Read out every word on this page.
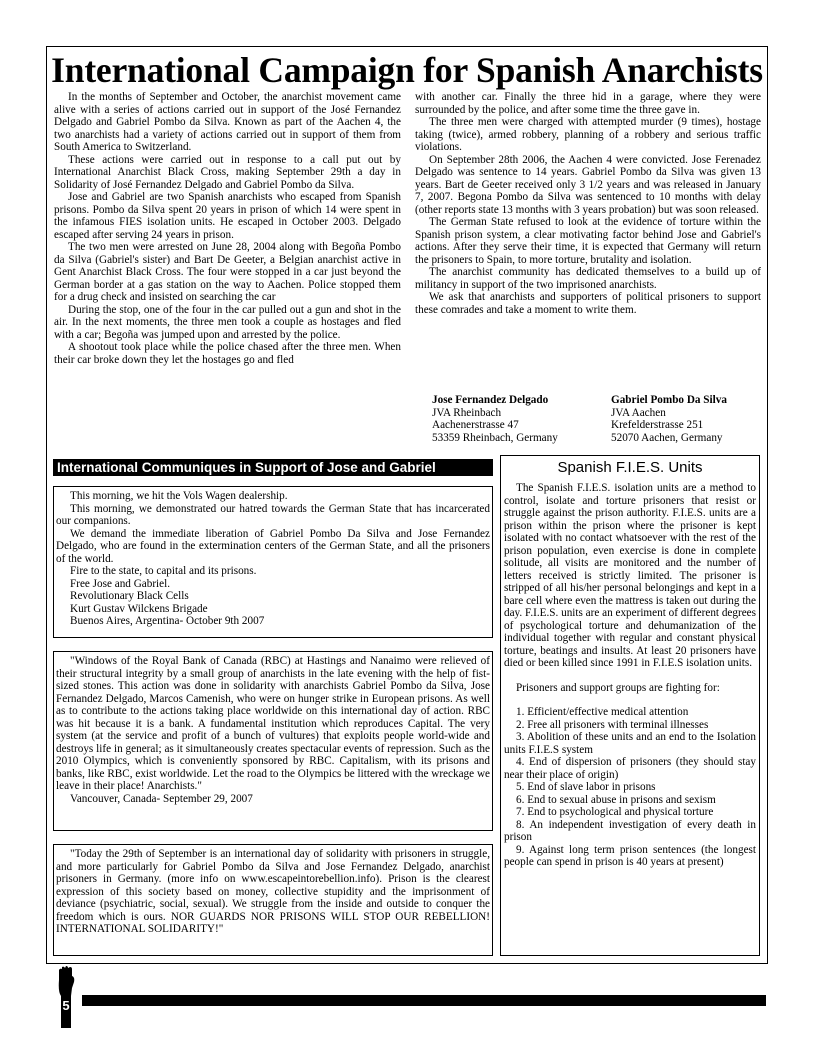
International Campaign for Spanish Anarchists

In the months of September and October, the anarchist movement came alive with a series of actions carried out in support of the José Fernandez Delgado and Gabriel Pombo da Silva. Known as part of the Aachen 4, the two anarchists had a variety of actions carried out in support of them from South America to Switzerland.

These actions were carried out in response to a call put out by International Anarchist Black Cross, making September 29th a day in Solidarity of José Fernandez Delgado and Gabriel Pombo da Silva.

Jose and Gabriel are two Spanish anarchists who escaped from Spanish prisons. Pombo da Silva spent 20 years in prison of which 14 were spent in the infamous FIES isolation units. He escaped in October 2003. Delgado escaped after serving 24 years in prison.

The two men were arrested on June 28, 2004 along with Begoña Pombo da Silva (Gabriel's sister) and Bart De Geeter, a Belgian anarchist active in Gent Anarchist Black Cross. The four were stopped in a car just beyond the German border at a gas station on the way to Aachen. Police stopped them for a drug check and insisted on searching the car

During the stop, one of the four in the car pulled out a gun and shot in the air. In the next moments, the three men took a couple as hostages and fled with a car; Begoña was jumped upon and arrested by the police.

A shootout took place while the police chased after the three men. When their car broke down they let the hostages go and fled

with another car. Finally the three hid in a garage, where they were surrounded by the police, and after some time the three gave in.

The three men were charged with attempted murder (9 times), hostage taking (twice), armed robbery, planning of a robbery and serious traffic violations.

On September 28th 2006, the Aachen 4 were convicted. Jose Ferenadez Delgado was sentence to 14 years. Gabriel Pombo da Silva was given 13 years. Bart de Geeter received only 3 1/2 years and was released in January 7, 2007. Begona Pombo da Silva was sentenced to 10 months with delay (other reports state 13 months with 3 years probation) but was soon released.

The German State refused to look at the evidence of torture within the Spanish prison system, a clear motivating factor behind Jose and Gabriel's actions. After they serve their time, it is expected that Germany will return the prisoners to Spain, to more torture, brutality and isolation.

The anarchist community has dedicated themselves to a build up of militancy in support of the two imprisoned anarchists.

We ask that anarchists and supporters of political prisoners to support these comrades and take a moment to write them.

Jose Fernandez Delgado
JVA Rheinbach
Aachenerstrasse 47
53359 Rheinbach, Germany
Gabriel Pombo Da Silva
JVA Aachen
Krefelderstrasse 251
52070 Aachen, Germany
International Communiques in Support of Jose and Gabriel

This morning, we hit the Vols Wagen dealership.

This morning, we demonstrated our hatred towards the German State that has incarcerated our companions.

We demand the immediate liberation of Gabriel Pombo Da Silva and Jose Fernandez Delgado, who are found in the extermination centers of the German State, and all the prisoners of the world.

Fire to the state, to capital and its prisons.

Free Jose and Gabriel.

Revolutionary Black Cells

Kurt Gustav Wilckens Brigade

Buenos Aires, Argentina- October 9th 2007

"Windows of the Royal Bank of Canada (RBC) at Hastings and Nanaimo were relieved of their structural integrity by a small group of anarchists in the late evening with the help of fist-sized stones. This action was done in solidarity with anarchists Gabriel Pombo da Silva, Jose Fernandez Delgado, Marcos Camenish, who were on hunger strike in European prisons. As well as to contribute to the actions taking place worldwide on this international day of action. RBC was hit because it is a bank. A fundamental institution which reproduces Capital. The very system (at the service and profit of a bunch of vultures) that exploits people world-wide and destroys life in general; as it simultaneously creates spectacular events of repression. Such as the 2010 Olympics, which is conveniently sponsored by RBC. Capitalism, with its prisons and banks, like RBC, exist worldwide. Let the road to the Olympics be littered with the wreckage we leave in their place! Anarchists."

Vancouver, Canada- September 29, 2007

"Today the 29th of September is an international day of solidarity with prisoners in struggle, and more particularly for Gabriel Pombo da Silva and Jose Fernandez Delgado, anarchist prisoners in Germany. (more info on www.escapeintorebellion.info). Prison is the clearest expression of this society based on money, collective stupidity and the imprisonment of deviance (psychiatric, social, sexual). We struggle from the inside and outside to conquer the freedom which is ours. NOR GUARDS NOR PRISONS WILL STOP OUR REBELLION! INTERNATIONAL SOLIDARITY!"

Spanish F.I.E.S. Units

The Spanish F.I.E.S. isolation units are a method to control, isolate and torture prisoners that resist or struggle against the prison authority. F.I.E.S. units are a prison within the prison where the prisoner is kept isolated with no contact whatsoever with the rest of the prison population, even exercise is done in complete solitude, all visits are monitored and the number of letters received is strictly limited. The prisoner is stripped of all his/her personal belongings and kept in a bare cell where even the mattress is taken out during the day. F.I.E.S. units are an experiment of different degrees of psychological torture and dehumanization of the individual together with regular and constant physical torture, beatings and insults. At least 20 prisoners have died or been killed since 1991 in F.I.E.S isolation units.

Prisoners and support groups are fighting for:

1. Efficient/effective medical attention

2. Free all prisoners with terminal illnesses

3. Abolition of these units and an end to the Isolation units F.I.E.S system

4. End of dispersion of prisoners (they should stay near their place of origin)

5. End of slave labor in prisons

6. End to sexual abuse in prisons and sexism

7. End to psychological and physical torture

8. An independent investigation of every death in prison

9. Against long term prison sentences (the longest people can spend in prison is 40 years at present)

5
